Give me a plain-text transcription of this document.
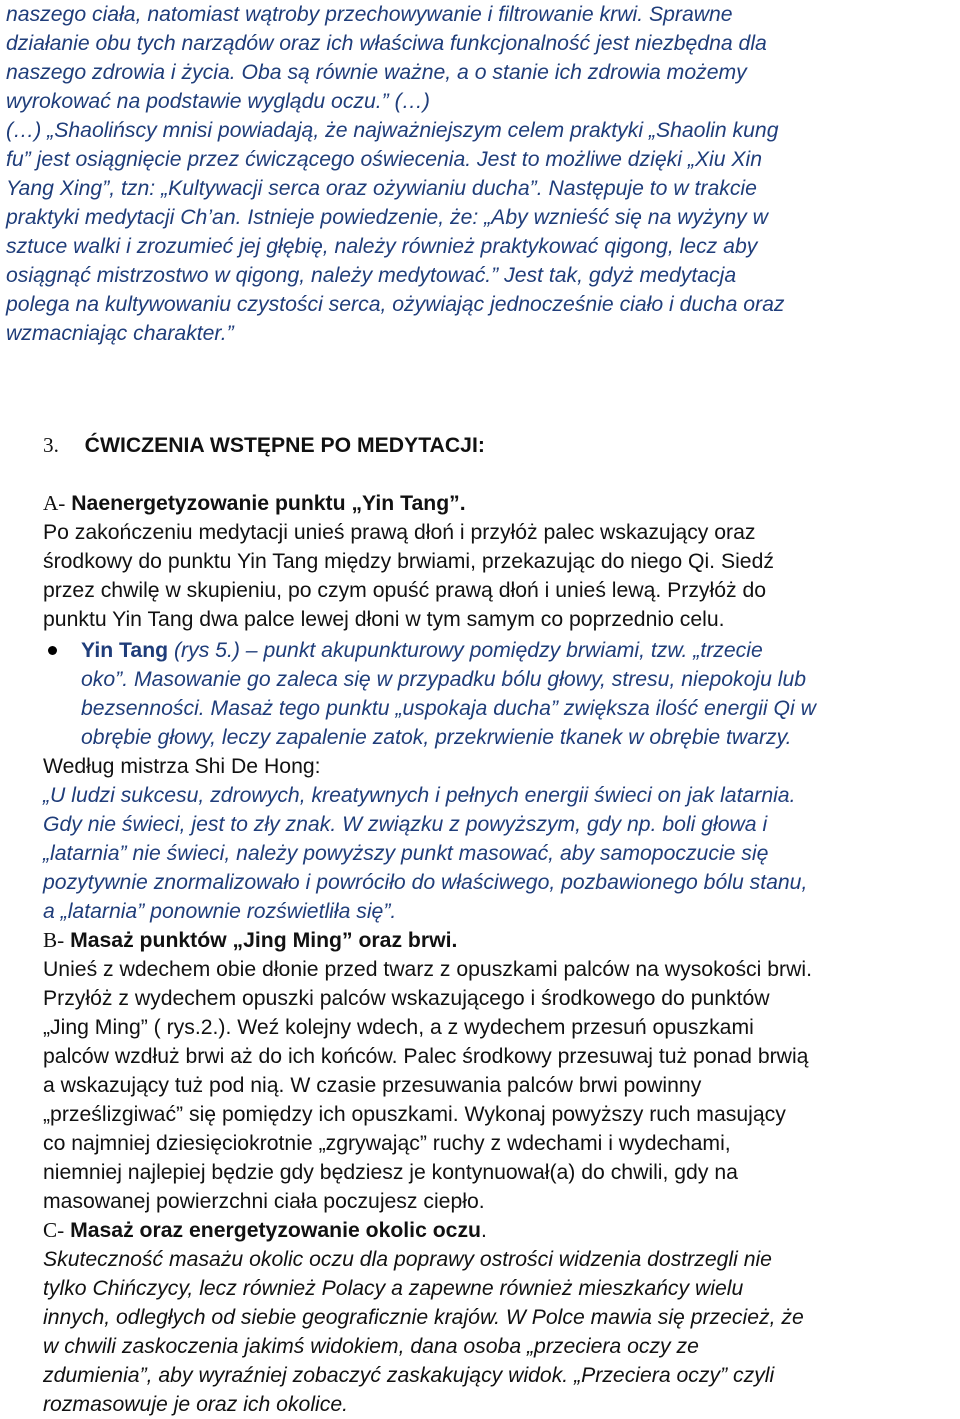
naszego ciała, natomiast wątroby przechowywanie i filtrowanie krwi. Sprawne
działanie obu tych narządów oraz ich właściwa funkcjonalność jest niezbędna dla
naszego zdrowia i życia. Oba są równie ważne, a o stanie ich zdrowia możemy
wyrokować na podstawie wyglądu oczu.” (…)
(…) „Shaolińscy mnisi powiadają, że najważniejszym celem praktyki „Shaolin kung
fu” jest osiągnięcie przez ćwiczącego oświecenia. Jest to możliwe dzięki „Xiu Xin
Yang Xing”, tzn: „Kultywacji serca oraz ożywianiu ducha”. Następuje to w trakcie
praktyki medytacji Ch’an. Istnieje powiedzenie, że: „Aby wznieść się na wyżyny w
sztuce walki i zrozumieć jej głębię, należy również praktykować qigong, lecz aby
osiągnąć mistrzostwo w qigong, należy medytować.” Jest tak, gdyż medytacja
polega na kultywowaniu czystości serca, ożywiając jednocześnie ciało i ducha oraz
wzmacniając charakter.”
3. ĆWICZENIA WSTĘPNE PO MEDYTACJI:
A- Naenergetyzowanie punktu „Yin Tang”.
Po zakończeniu medytacji unieś prawą dłoń i przyłóż palec wskazujący oraz
środkowy do punktu Yin Tang między brwiami, przekazując do niego Qi. Siedź
przez chwilę w skupieniu, po czym opuść prawą dłoń i unieś lewą. Przyłóż do
punktu Yin Tang dwa palce lewej dłoni w tym samym co poprzednio celu.
Yin Tang (rys 5.) – punkt akupunkturowy pomiędzy brwiami, tzw. „trzecie
oko”. Masowanie go zaleca się w przypadku bólu głowy, stresu, niepokoju lub
bezsenności. Masaż tego punktu „uspokaja ducha” zwiększa ilość energii Qi w
obrębie głowy, leczy zapalenie zatok, przekrwienie tkanek w obrębie twarzy.
Według mistrza Shi De Hong:
„U ludzi sukcesu, zdrowych, kreatywnych i pełnych energii świeci on jak latarnia.
Gdy nie świeci, jest to zły znak. W związku z powyższym, gdy np. boli głowa i
„latarnia” nie świeci, należy powyższy punkt masować, aby samopoczucie się
pozytywnie znormalizowało i powróciło do właściwego, pozbawionego bólu stanu,
a „latarnia” ponownie rozświetliła się”.
B- Masaż punktów „Jing Ming” oraz brwi.
Unieś z wdechem obie dłonie przed twarz z opuszkami palców na wysokości brwi.
Przyłóż z wydechem opuszki palców wskazującego i środkowego do punktów
„Jing Ming” ( rys.2.). Weź kolejny wdech, a z wydechem przesuń opuszkami
palców wzdłuż brwi aż do ich końców. Palec środkowy przesuwaj tuż ponad brwią
a wskazujący tuż pod nią. W czasie przesuwania palców brwi powinny
„prześlizgiwać” się pomiędzy ich opuszkami. Wykonaj powyższy ruch masujący
co najmniej dziesięciokrotnie „zgrywając” ruchy z wdechami i wydechami,
niemniej najlepiej będzie gdy będziesz je kontynuował(a) do chwili, gdy na
masowanej powierzchni ciała poczujesz ciepło.
C- Masaż oraz energetyzowanie okolic oczu.
Skuteczność masażu okolic oczu dla poprawy ostrości widzenia dostrzegli nie
tylko Chińczycy, lecz również Polacy a zapewne również mieszkańcy wielu
innych, odległych od siebie geograficznie krajów. W Polce mawia się przecież, że
w chwili zaskoczenia jakimś widokiem, dana osoba „przeciera oczy ze
zdumienia”, aby wyraźniej zobaczyć zaskakujący widok. „Przeciera oczy” czyli
rozmasowuje je oraz ich okolice.
